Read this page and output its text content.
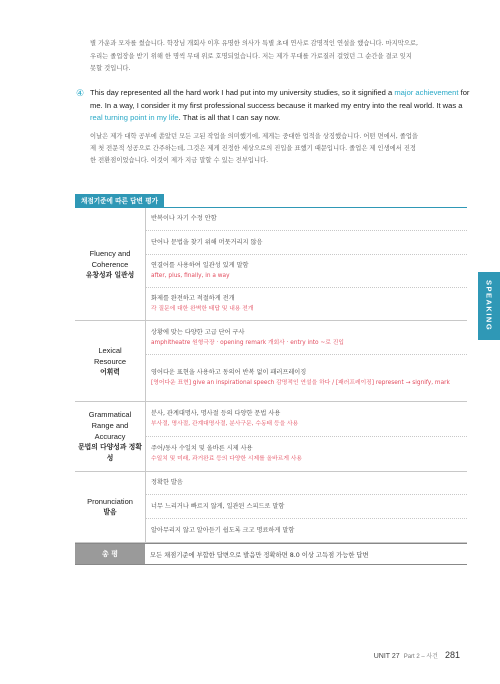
별 가운과 모자를 썼습니다. 학장님 개회사 이후 유명한 의사가 특별 초대 연사로 감명적인 연설을 했습니다. 마지막으로,

우리는 졸업장을 받기 위해 한 명씩 무대 위로 호명되었습니다. 저는 제가 무대를 가로질러 걸었던 그 순간을 결코 잊지

못할 것입니다.

④ This day represented all the hard work I had put into my university studies, so it signified a major achievement for me. In a way, I consider it my first professional success because it marked my entry into the real world. It was a real turning point in my life. That is all that I can say now.

이날은 제가 대학 공부에 쏟았던 모든 고된 작업을 의미했기에, 제게는 중대한 업적을 상징했습니다. 어떤 면에서, 졸업을

제 첫 전문적 성공으로 간주하는데, 그것은 제게 진정한 세상으로의 진입을 표했기 때문입니다. 졸업은 제 인생에서 진정

한 전환점이었습니다. 이것이 제가 지금 말할 수 있는 전부입니다.

채점기준에 따른 답변 평가
Fluency and
Coherence
유창성과 일관성
반복이나 자기 수정 안함
단어나 문법을 찾기 위해 머뭇거리지 않음
연결어를 사용하여 일관성 있게 말함
after, plus, finally, in a way
화제를 완전하고 적절하게 전개
각 질문에 대한 완벽한 태답 및 내용 전개
Lexical
Resource
어휘력
상황에 맞는 다양한 고급 단어 구사
amphitheatre 원형극장 · opening remark 개회사 · entry into ~로 진입
영어다운 표현을 사용하고 동의어 반복 없이 패러프레이징
[영어다운 표현] give an inspirational speech 감명적인 연설을 하다 / [패러프레이징] represent → signify, mark
Grammatical
Range and
Accuracy
문법의 다양성과 정확성
분사, 관계대명사, 명사절 등의 다양한 문법 사용
부사절, 명사절, 관계대명사절, 분사구문, 수동태 등을 사용
주어/동사 수일치 및 올바른 시제 사용
수일치 및 미래, 과거완료 등의 다양한 시제를 올바르게 사용
Pronunciation
발음
정확한 발음
너무 느리거나 빠르지 않게, 일관된 스피드로 말함
알아무리지 않고 알아듣기 쉽도록 크고 명료하게 말함
총 평	모든 채점기준에 부합한 답변으로 발음만 정확하면 8.0 이상 고득점 가능한 답변
SPEAKING
UNIT 27 Part 2 – 사건 281
